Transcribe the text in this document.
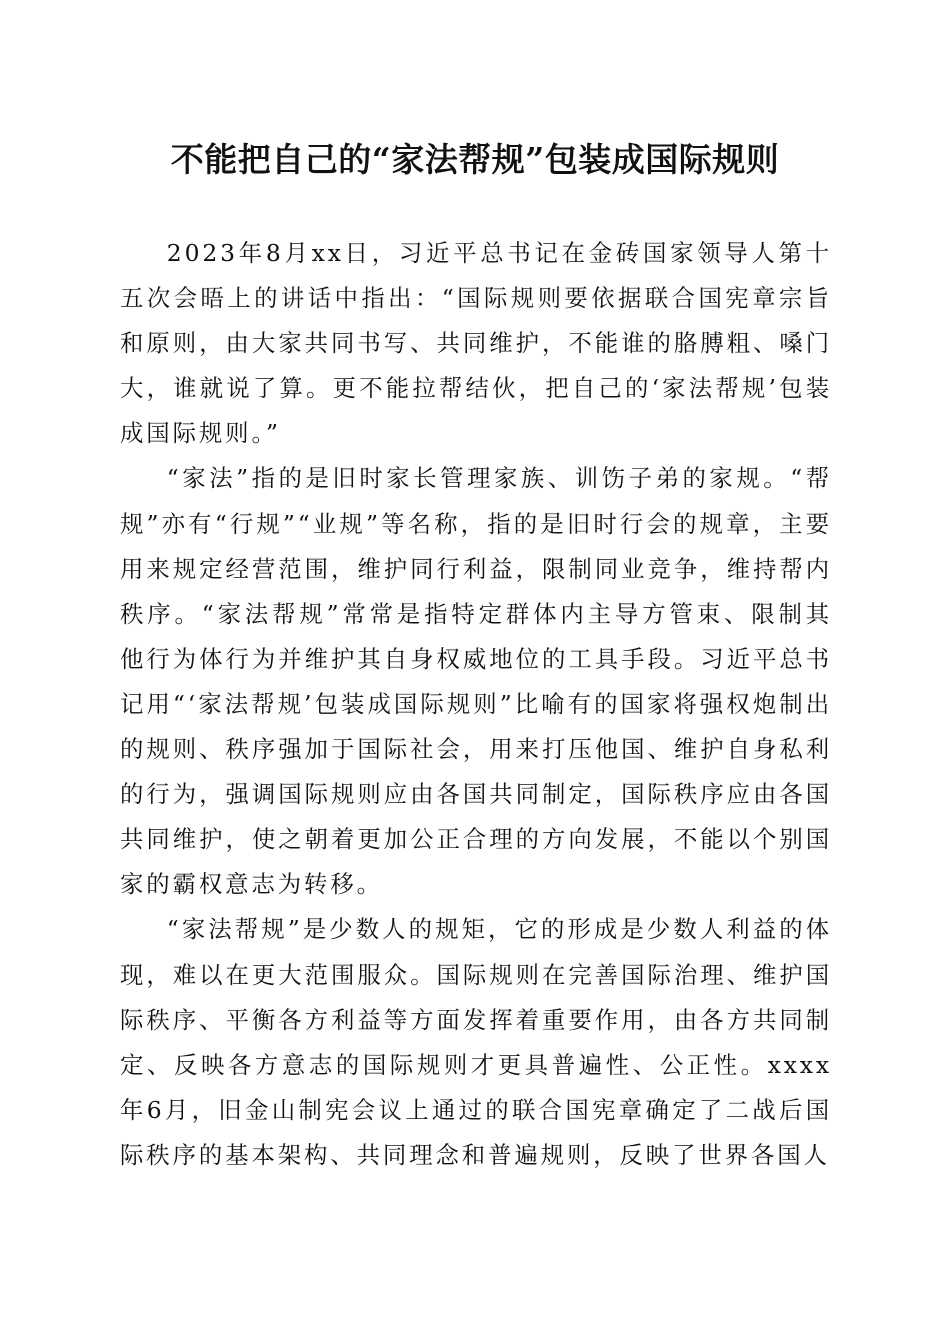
不能把自己的“家法帮规”包装成国际规则

2023年8月xx日，习近平总书记在金砖国家领导人第十五次会晤上的讲话中指出：“国际规则要依据联合国宪章宗旨和原则，由大家共同书写、共同维护，不能谁的胳膊粗、嗓门大，谁就说了算。更不能拉帮结伙，把自己的‘家法帮规’包装成国际规则。”

“家法”指的是旧时家长管理家族、训饬子弟的家规。“帮规”亦有“行规”“业规”等名称，指的是旧时行会的规章，主要用来规定经营范围，维护同行利益，限制同业竞争，维持帮内秩序。“家法帮规”常常是指特定群体内主导方管束、限制其他行为体行为并维护其自身权威地位的工具手段。习近平总书记用“‘家法帮规’包装成国际规则”比喻有的国家将强权炮制出的规则、秩序强加于国际社会，用来打压他国、维护自身私利的行为，强调国际规则应由各国共同制定，国际秩序应由各国共同维护，使之朝着更加公正合理的方向发展，不能以个别国家的霸权意志为转移。

“家法帮规”是少数人的规矩，它的形成是少数人利益的体现，难以在更大范围服众。国际规则在完善国际治理、维护国际秩序、平衡各方利益等方面发挥着重要作用，由各方共同制定、反映各方意志的国际规则才更具普遍性、公正性。xxxx年6月，旧金山制宪会议上通过的联合国宪章确定了二战后国际秩序的基本架构、共同理念和普遍规则，反映了世界各国人
